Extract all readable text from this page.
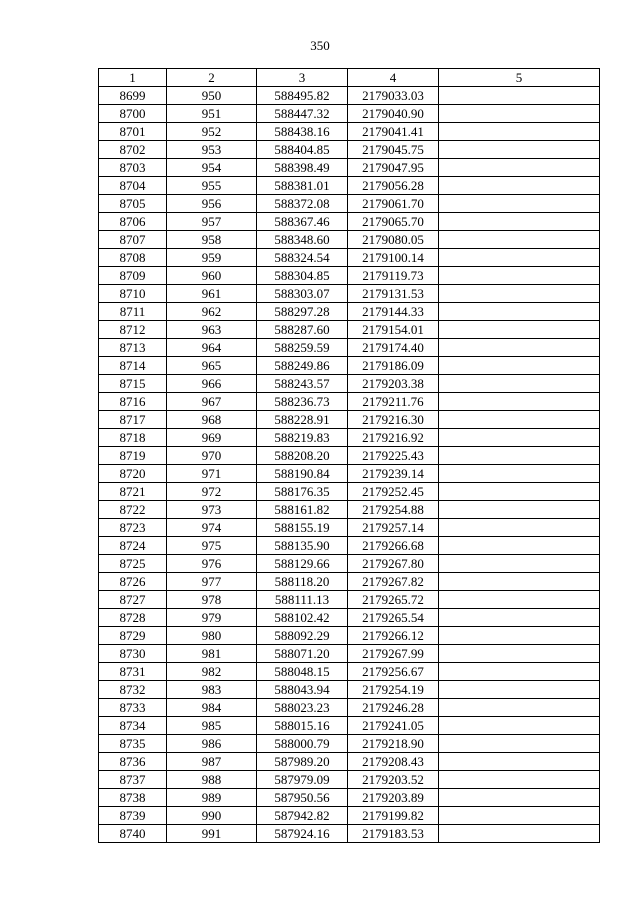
350
1	2	3	4	5
8699	950	588495.82	2179033.03	
8700	951	588447.32	2179040.90	
8701	952	588438.16	2179041.41	
8702	953	588404.85	2179045.75	
8703	954	588398.49	2179047.95	
8704	955	588381.01	2179056.28	
8705	956	588372.08	2179061.70	
8706	957	588367.46	2179065.70	
8707	958	588348.60	2179080.05	
8708	959	588324.54	2179100.14	
8709	960	588304.85	2179119.73	
8710	961	588303.07	2179131.53	
8711	962	588297.28	2179144.33	
8712	963	588287.60	2179154.01	
8713	964	588259.59	2179174.40	
8714	965	588249.86	2179186.09	
8715	966	588243.57	2179203.38	
8716	967	588236.73	2179211.76	
8717	968	588228.91	2179216.30	
8718	969	588219.83	2179216.92	
8719	970	588208.20	2179225.43	
8720	971	588190.84	2179239.14	
8721	972	588176.35	2179252.45	
8722	973	588161.82	2179254.88	
8723	974	588155.19	2179257.14	
8724	975	588135.90	2179266.68	
8725	976	588129.66	2179267.80	
8726	977	588118.20	2179267.82	
8727	978	588111.13	2179265.72	
8728	979	588102.42	2179265.54	
8729	980	588092.29	2179266.12	
8730	981	588071.20	2179267.99	
8731	982	588048.15	2179256.67	
8732	983	588043.94	2179254.19	
8733	984	588023.23	2179246.28	
8734	985	588015.16	2179241.05	
8735	986	588000.79	2179218.90	
8736	987	587989.20	2179208.43	
8737	988	587979.09	2179203.52	
8738	989	587950.56	2179203.89	
8739	990	587942.82	2179199.82	
8740	991	587924.16	2179183.53	
